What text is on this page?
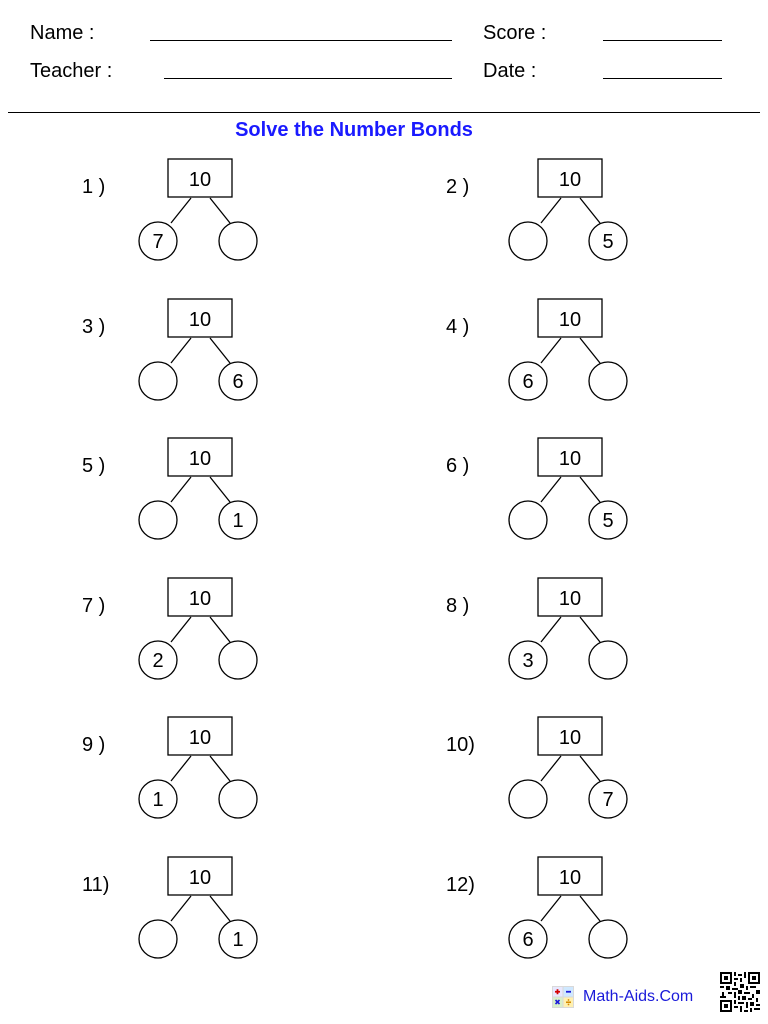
Name :
Teacher :
Score :
Date :
Solve the Number Bonds
1 )	10
7
2 )	10
5
3 )	10
6
4 )	10
6
5 )	10
1
6 )	10
5
7 )	10
2
8 )	10
3
9 )	10
1
10)	10
7
11)	10
1
12)	10
6
Math-Aids.Com
